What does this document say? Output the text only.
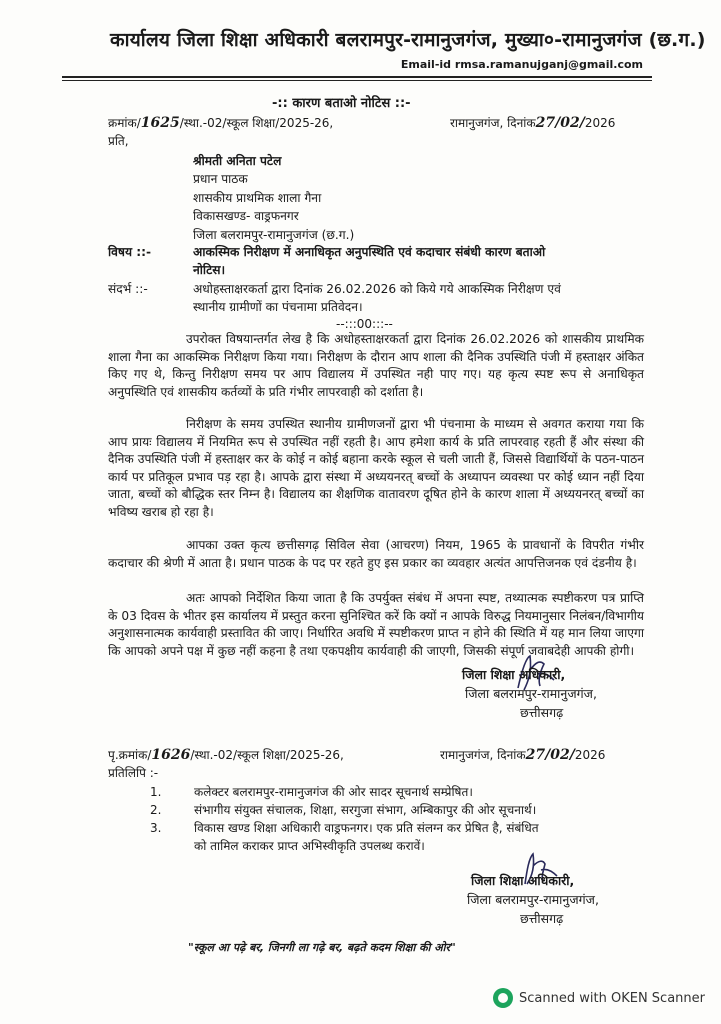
कार्यालय जिला शिक्षा अधिकारी बलरामपुर-रामानुजगंज, मुख्या०-रामानुजगंज (छ.ग.)
Email-id rmsa.ramanujganj@gmail.com
-:: कारण बताओ नोटिस ::-
क्रमांक/1625/स्था.-02/स्कूल शिक्षा/2025-26,	रामानुजगंज, दिनांक27/02/2026
प्रति,
श्रीमती अनिता पटेल
प्रधान पाठक
शासकीय प्राथमिक शाला गैना
विकासखण्ड- वाड्रफनगर
जिला बलरामपुर-रामानुजगंज (छ.ग.)
विषय ::-	आकस्मिक निरीक्षण में अनाधिकृत अनुपस्थिति एवं कदाचार संबंधी कारण बताओ
नोटिस।
संदर्भ ::-	अधोहस्ताक्षरकर्ता द्वारा दिनांक 26.02.2026 को किये गये आकस्मिक निरीक्षण एवं
स्थानीय ग्रामीणों का पंचनामा प्रतिवेदन।
--:::00:::--
उपरोक्त विषयान्तर्गत लेख है कि अधोहस्ताक्षरकर्ता द्वारा दिनांक 26.02.2026 को शासकीय प्राथमिक शाला गैना का आकस्मिक निरीक्षण किया गया। निरीक्षण के दौरान आप शाला की दैनिक उपस्थिति पंजी में हस्ताक्षर अंकित किए गए थे, किन्तु निरीक्षण समय पर आप विद्यालय में उपस्थित नही पाए गए। यह कृत्य स्पष्ट रूप से अनाधिकृत अनुपस्थिति एवं शासकीय कर्तव्यों के प्रति गंभीर लापरवाही को दर्शाता है।
निरीक्षण के समय उपस्थित स्थानीय ग्रामीणजनों द्वारा भी पंचनामा के माध्यम से अवगत कराया गया कि आप प्रायः विद्यालय में नियमित रूप से उपस्थित नहीं रहती है। आप हमेशा कार्य के प्रति लापरवाह रहती हैं और संस्था की दैनिक उपस्थिति पंजी में हस्ताक्षर कर के कोई न कोई बहाना करके स्कूल से चली जाती हैं, जिससे विद्यार्थियों के पठन-पाठन कार्य पर प्रतिकूल प्रभाव पड़ रहा है। आपके द्वारा संस्था में अध्ययनरत् बच्चों के अध्यापन व्यवस्था पर कोई ध्यान नहीं दिया जाता, बच्चों को बौद्धिक स्तर निम्न है। विद्यालय का शैक्षणिक वातावरण दूषित होने के कारण शाला में अध्ययनरत् बच्चों का भविष्य खराब हो रहा है।
आपका उक्त कृत्य छत्तीसगढ़ सिविल सेवा (आचरण) नियम, 1965 के प्रावधानों के विपरीत गंभीर कदाचार की श्रेणी में आता है। प्रधान पाठक के पद पर रहते हुए इस प्रकार का व्यवहार अत्यंत आपत्तिजनक एवं दंडनीय है।
अतः आपको निर्देशित किया जाता है कि उपर्युक्त संबंध में अपना स्पष्ट, तथ्यात्मक स्पष्टीकरण पत्र प्राप्ति के 03 दिवस के भीतर इस कार्यालय में प्रस्तुत करना सुनिश्चित करें कि क्यों न आपके विरुद्ध नियमानुसार निलंबन/विभागीय अनुशासनात्मक कार्यवाही प्रस्तावित की जाए। निर्धारित अवधि में स्पष्टीकरण प्राप्त न होने की स्थिति में यह मान लिया जाएगा कि आपको अपने पक्ष में कुछ नहीं कहना है तथा एकपक्षीय कार्यवाही की जाएगी, जिसकी संपूर्ण जवाबदेही आपकी होगी।
जिला शिक्षा अधिकारी,
जिला बलरामपुर-रामानुजगंज,
छत्तीसगढ़
पृ.क्रमांक/1626/स्था.-02/स्कूल शिक्षा/2025-26,	रामानुजगंज, दिनांक27/02/2026
प्रतिलिपि :-
1.	कलेक्टर बलरामपुर-रामानुजगंज की ओर सादर सूचनार्थ सम्प्रेषित।
2.	संभागीय संयुक्त संचालक, शिक्षा, सरगुजा संभाग, अम्बिकापुर की ओर सूचनार्थ।
3.	विकास खण्ड शिक्षा अधिकारी वाड्रफनगर। एक प्रति संलग्न कर प्रेषित है, संबंधित
को तामिल कराकर प्राप्त अभिस्वीकृति उपलब्ध करावें।
जिला शिक्षा अधिकारी,
जिला बलरामपुर-रामानुजगंज,
छत्तीसगढ़
"स्कूल आ पढ़े बर, जिनगी ला गढ़े बर, बढ़ते कदम शिक्षा की ओर"
Scanned with OKEN Scanner
